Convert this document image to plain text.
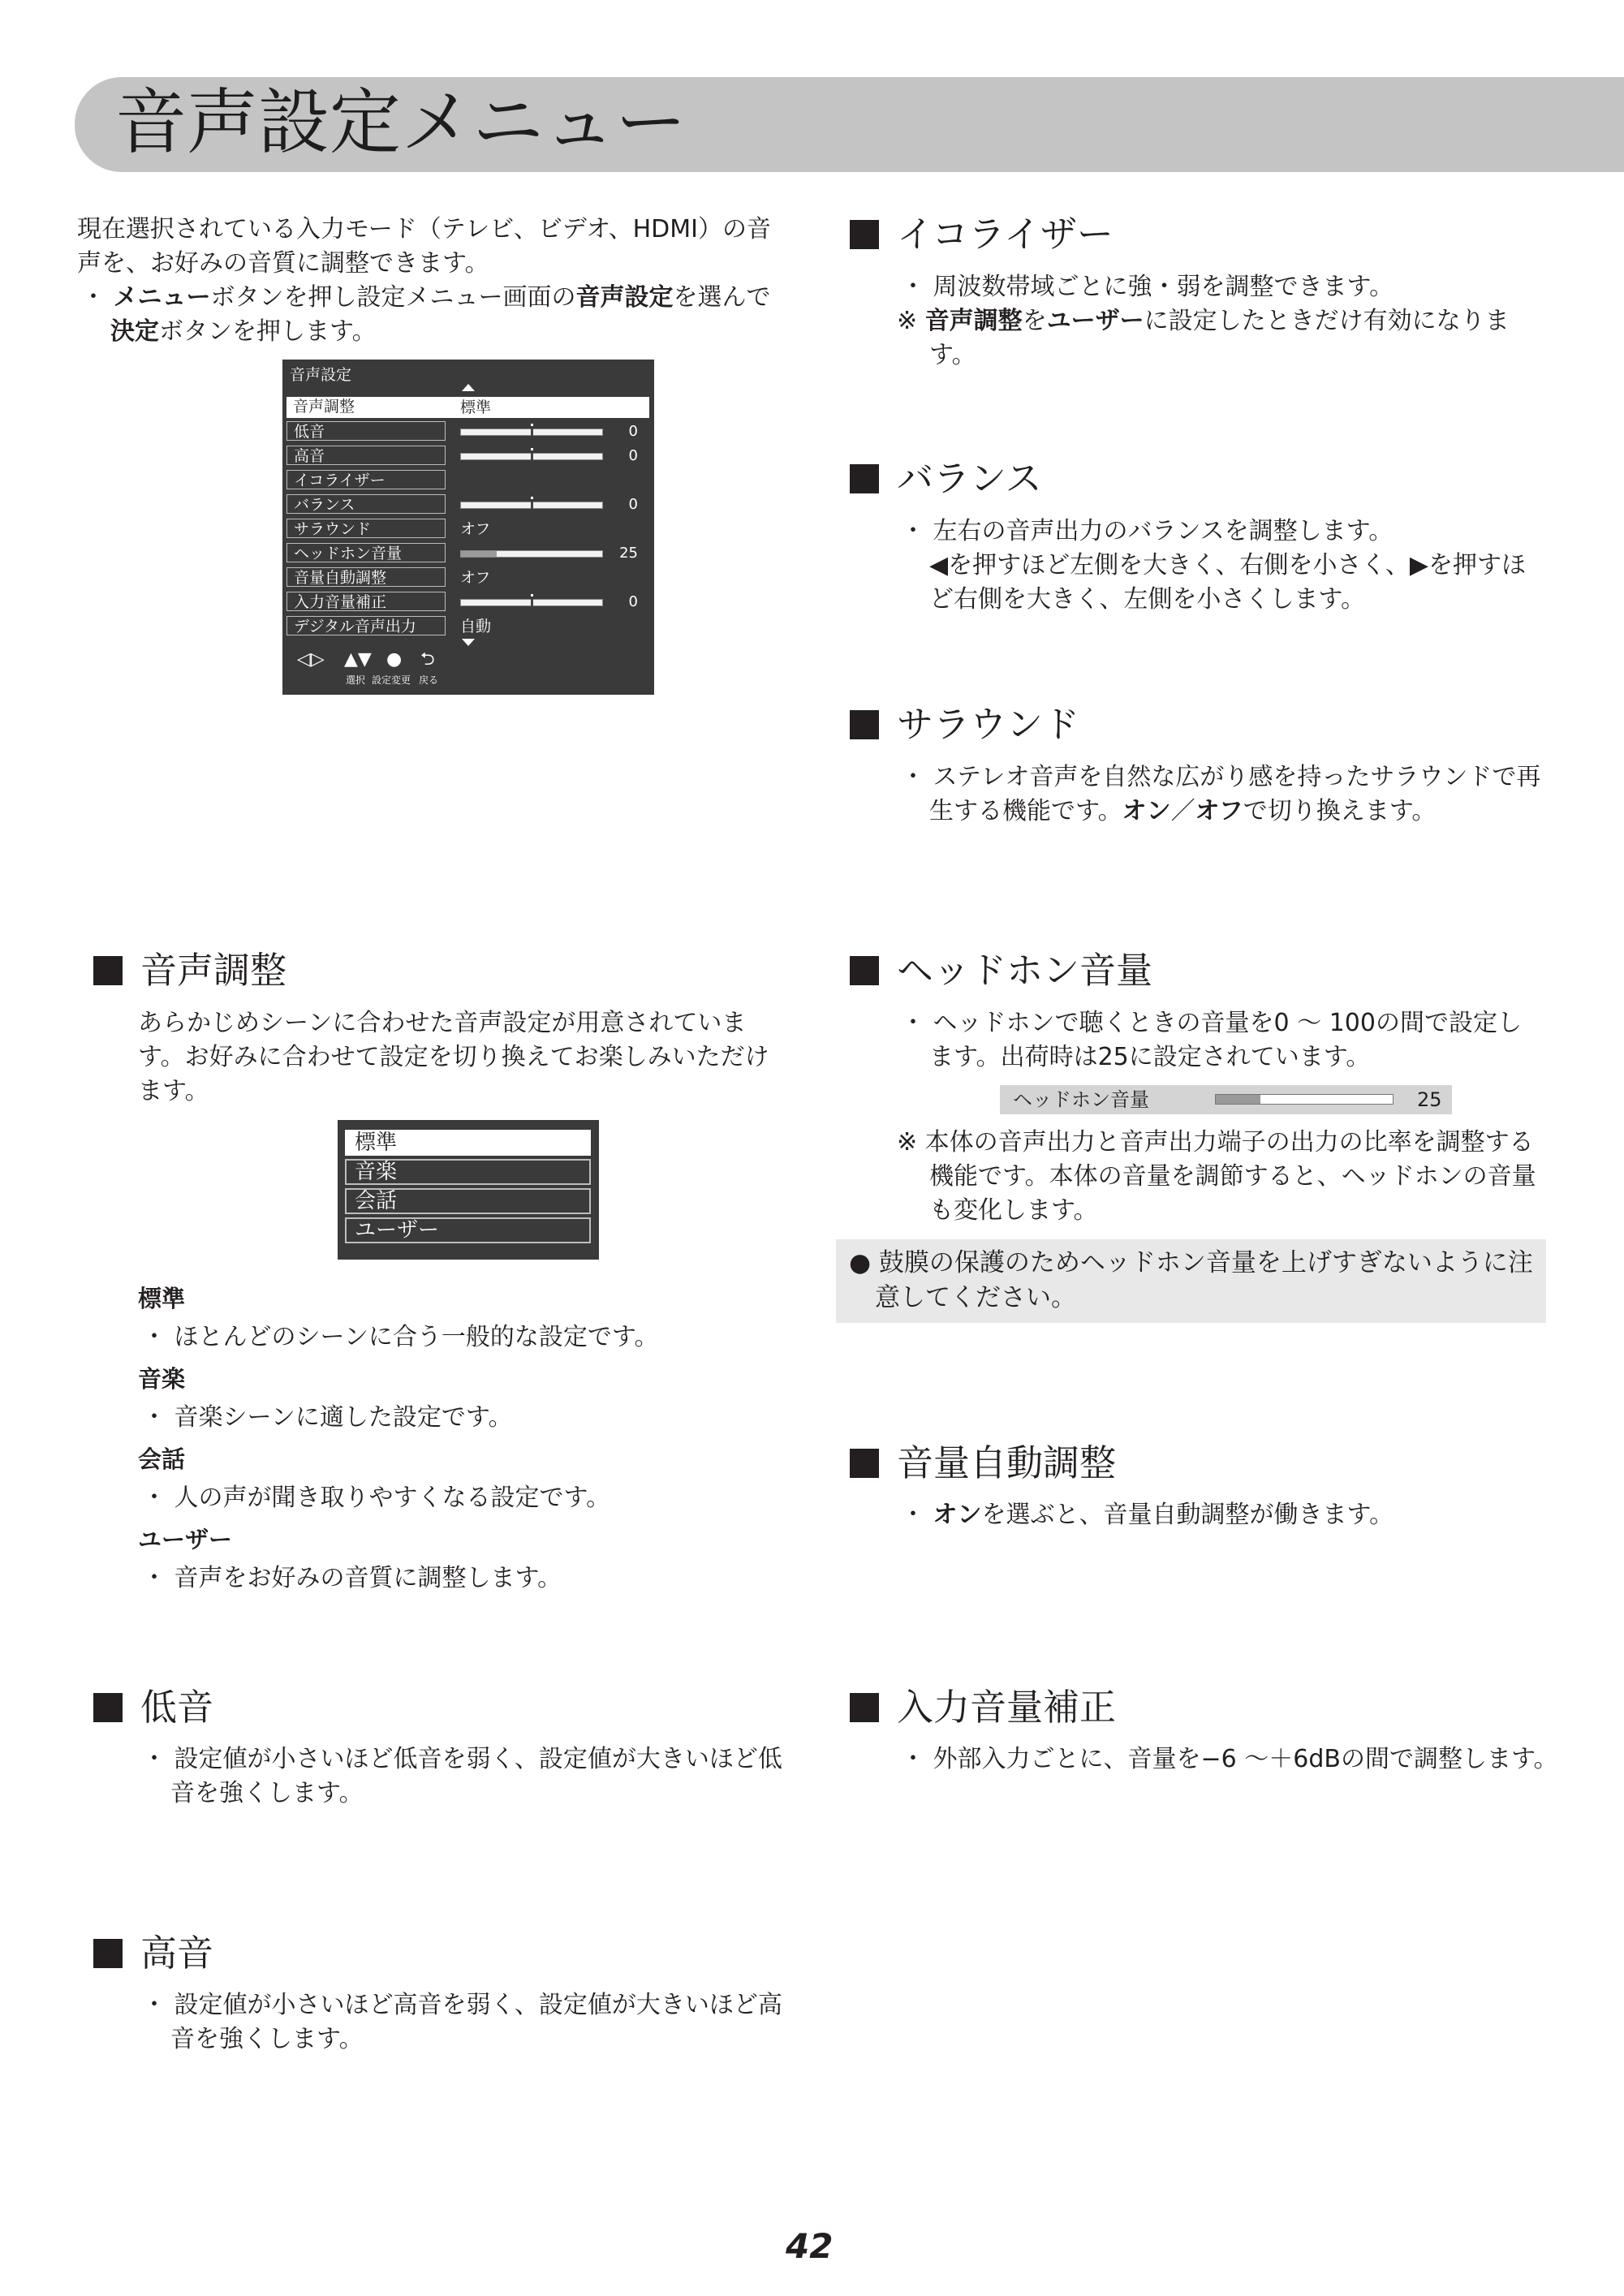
音声設定メニュー
現在選択されている入力モード（テレビ、ビデオ、HDMI）の音
声を、お好みの音質に調整できます。
・ メニューボタンを押し設定メニュー画面の音声設定を選んで
決定ボタンを押します。
音声設定
音声調整	標準
低音	0
高音	0
イコライザー
バランス	0
サラウンド	オフ
ヘッドホン音量	25
音量自動調整	オフ
入力音量補正	0
デジタル音声出力	自動
◁▷ ▲▼ ● ⮌
選択 設定変更 戻る
イコライザー
・ 周波数帯域ごとに強・弱を調整できます。
※ 音声調整をユーザーに設定したときだけ有効になりま
す。
バランス
・ 左右の音声出力のバランスを調整します。
◀を押すほど左側を大きく、右側を小さく、▶を押すほ
ど右側を大きく、左側を小さくします。
サラウンド
・ ステレオ音声を自然な広がり感を持ったサラウンドで再
生する機能です。オン／オフで切り換えます。
音声調整
あらかじめシーンに合わせた音声設定が用意されていま
す。お好みに合わせて設定を切り換えてお楽しみいただけ
ます。
標準
音楽
会話
ユーザー
標準
・ ほとんどのシーンに合う一般的な設定です。
音楽
・ 音楽シーンに適した設定です。
会話
・ 人の声が聞き取りやすくなる設定です。
ユーザー
・ 音声をお好みの音質に調整します。
ヘッドホン音量
・ ヘッドホンで聴くときの音量を0 ～ 100の間で設定し
ます。出荷時は25に設定されています。
ヘッドホン音量	25
※ 本体の音声出力と音声出力端子の出力の比率を調整する
機能です。本体の音量を調節すると、ヘッドホンの音量
も変化します。
● 鼓膜の保護のためヘッドホン音量を上げすぎないように注
意してください。
音量自動調整
・ オンを選ぶと、音量自動調整が働きます。
低音
・ 設定値が小さいほど低音を弱く、設定値が大きいほど低
音を強くします。
入力音量補正
・ 外部入力ごとに、音量を−6 ～＋6dBの間で調整します。
高音
・ 設定値が小さいほど高音を弱く、設定値が大きいほど高
音を強くします。
42
